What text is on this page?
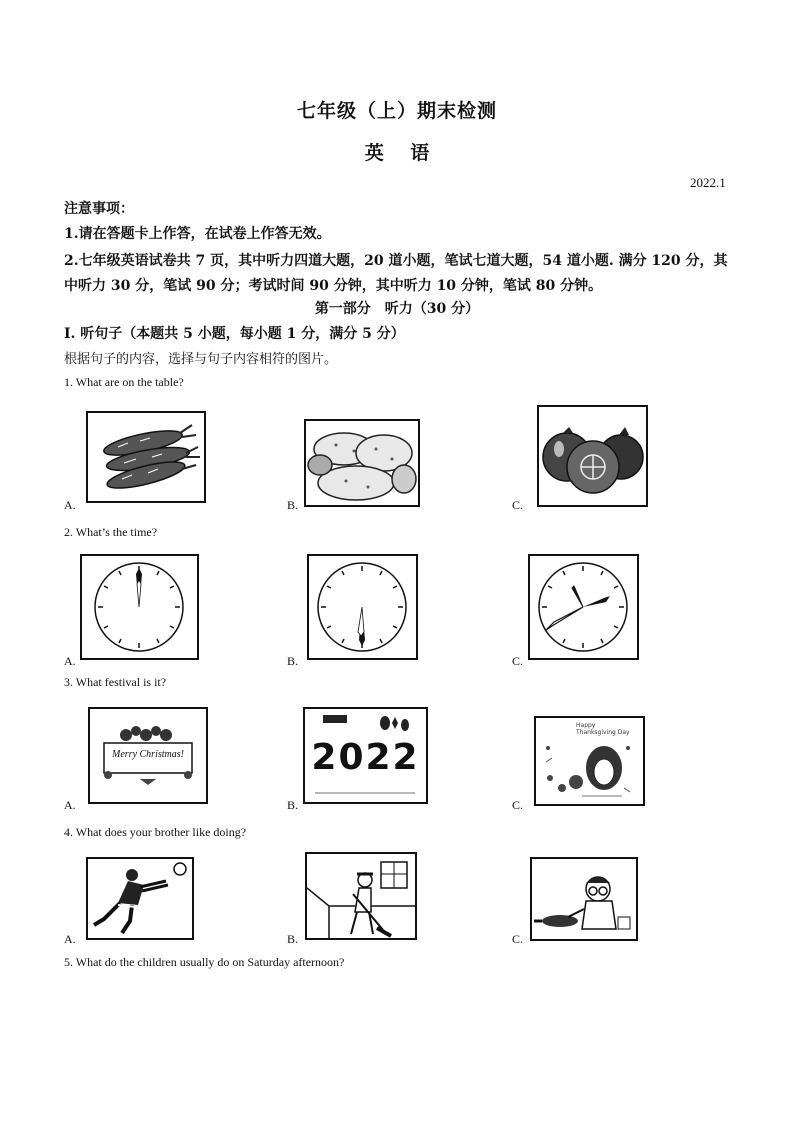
七年级（上）期末检测
英 语
2022.1
注意事项：
1.请在答题卡上作答，在试卷上作答无效。
2.七年级英语试卷共 7 页，其中听力四道大题，20 道小题，笔试七道大题，54 道小题. 满分 120 分，其中听力 30 分，笔试 90 分；考试时间 90 分钟，其中听力 10 分钟，笔试 80 分钟。
第一部分　听力（30 分）
I. 听句子（本题共 5 小题，每小题 1 分，满分 5 分）
根据句子的内容，选择与句子内容相符的图片。
1. What are on the table?
A.	B.	C.
2. What’s the time?
A.	B.	C.
3. What festival is it?
A.	B.	C.
Merry Christmas!	2022
Happy
Thanksgiving Day
4. What does your brother like doing?
A.	B.	C.
5. What do the children usually do on Saturday afternoon?
